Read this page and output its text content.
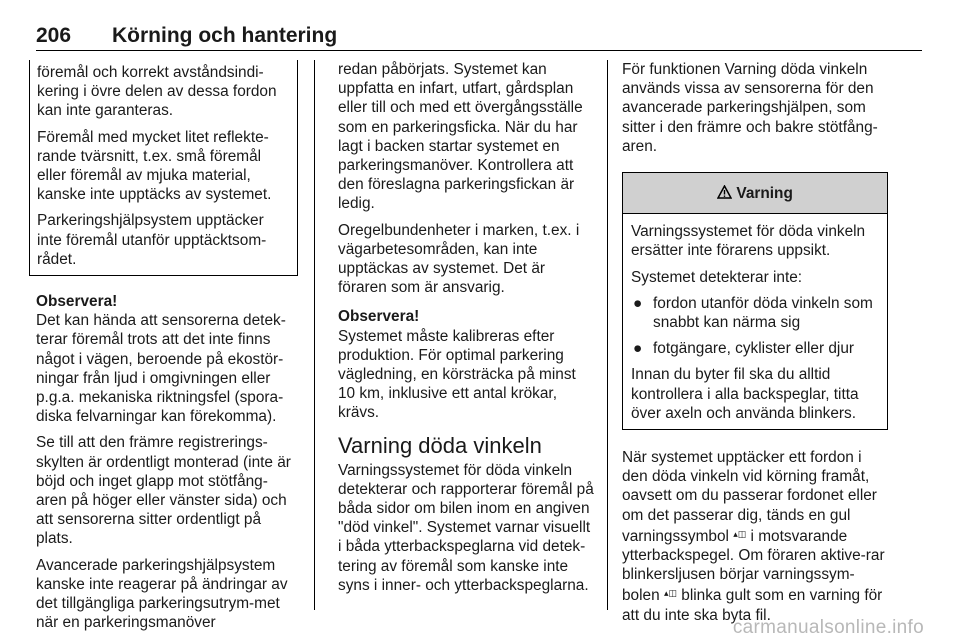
206 Körning och hantering

föremål och korrekt avståndsindi-kering i övre delen av dessa fordon kan inte garanteras.

Föremål med mycket litet reflekte-rande tvärsnitt, t.ex. små föremål eller föremål av mjuka material, kanske inte upptäcks av systemet.

Parkeringshjälpsystem upptäcker inte föremål utanför upptäcktsom-rådet.

Observera!

Det kan hända att sensorerna detek-terar föremål trots att det inte finns något i vägen, beroende på ekostör-ningar från ljud i omgivningen eller p.g.a. mekaniska riktningsfel (spora-diska felvarningar kan förekomma).

Se till att den främre registrerings-skylten är ordentligt monterad (inte är böjd och inget glapp mot stötfång-aren på höger eller vänster sida) och att sensorerna sitter ordentligt på plats.

Avancerade parkeringshjälpsystem kanske inte reagerar på ändringar av det tillgängliga parkeringsutrym-met när en parkeringsmanöver

redan påbörjats. Systemet kan uppfatta en infart, utfart, gårdsplan eller till och med ett övergångsställe som en parkeringsficka. När du har lagt i backen startar systemet en parkeringsmanöver. Kontrollera att den föreslagna parkeringsfickan är ledig.

Oregelbundenheter i marken, t.ex. i vägarbetesområden, kan inte upptäckas av systemet. Det är föraren som är ansvarig.

Observera!

Systemet måste kalibreras efter produktion. För optimal parkering vägledning, en körsträcka på minst 10 km, inklusive ett antal krökar, krävs.

Varning döda vinkeln

Varningssystemet för döda vinkeln detekterar och rapporterar föremål på båda sidor om bilen inom en angiven "död vinkel". Systemet varnar visuellt i båda ytterbackspeglarna vid detek-tering av föremål som kanske inte syns i inner- och ytterbackspeglarna.

För funktionen Varning döda vinkeln används vissa av sensorerna för den avancerade parkeringshjälpen, som sitter i den främre och bakre stötfång-aren.

Varning

Varningssystemet för döda vinkeln ersätter inte förarens uppsikt.

Systemet detekterar inte:

● fordon utanför döda vinkeln som snabbt kan närma sig
● fotgängare, cyklister eller djur

Innan du byter fil ska du alltid kontrollera i alla backspeglar, titta över axeln och använda blinkers.

När systemet upptäcker ett fordon i den döda vinkeln vid körning framåt, oavsett om du passerar fordonet eller om det passerar dig, tänds en gul varningssymbol ▴◫ i motsvarande ytterbackspegel. Om föraren aktive-rar blinkersljusen börjar varningssym-bolen ▴◫ blinka gult som en varning för att du inte ska byta fil.

carmanualsonline.info
